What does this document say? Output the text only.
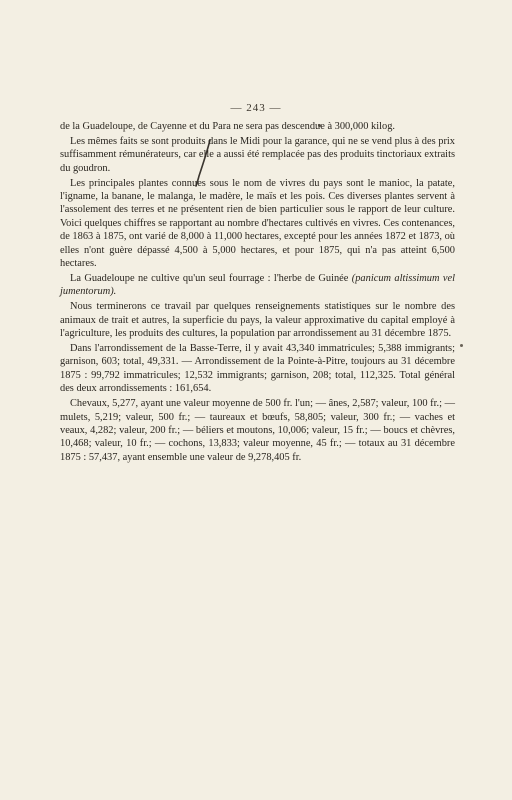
— 243 —

de la Guadeloupe, de Cayenne et du Para ne sera pas descendue à 300,000 kilog.

Les mêmes faits se sont produits dans le Midi pour la garance, qui ne se vend plus à des prix suffisamment rémunérateurs, car elle a aussi été remplacée pas des produits tinctoriaux extraits du goudron.

Les principales plantes connues sous le nom de vivres du pays sont le manioc, la patate, l'igname, la banane, le malanga, le madère, le maïs et les pois. Ces diverses plantes servent à l'assolement des terres et ne présentent rien de bien particulier sous le rapport de leur culture. Voici quelques chiffres se rapportant au nombre d'hectares cultivés en vivres. Ces contenances, de 1863 à 1875, ont varié de 8,000 à 11,000 hectares, excepté pour les années 1872 et 1873, où elles n'ont guère dépassé 4,500 à 5,000 hectares, et pour 1875, qui n'a pas atteint 6,500 hectares.

La Guadeloupe ne cultive qu'un seul fourrage : l'herbe de Guinée (panicum altissimum vel jumentorum).

Nous terminerons ce travail par quelques renseignements statistiques sur le nombre des animaux de trait et autres, la superficie du pays, la valeur approximative du capital employé à l'agriculture, les produits des cultures, la population par arrondissement au 31 décembre 1875.

Dans l'arrondissement de la Basse-Terre, il y avait 43,340 immatricules; 5,388 immigrants; garnison, 603; total, 49,331. — Arrondissement de la Pointe-à-Pitre, toujours au 31 décembre 1875 : 99,792 immatricules; 12,532 immigrants; garnison, 208; total, 112,325. Total général des deux arrondissements : 161,654.

Chevaux, 5,277, ayant une valeur moyenne de 500 fr. l'un; — ânes, 2,587; valeur, 100 fr.; — mulets, 5,219; valeur, 500 fr.; — taureaux et bœufs, 58,805; valeur, 300 fr.; — vaches et veaux, 4,282; valeur, 200 fr.; — béliers et moutons, 10,006; valeur, 15 fr.; — boucs et chèvres, 10,468; valeur, 10 fr.; — cochons, 13,833; valeur moyenne, 45 fr.; — totaux au 31 décembre 1875 : 57,437, ayant ensemble une valeur de 9,278,405 fr.
